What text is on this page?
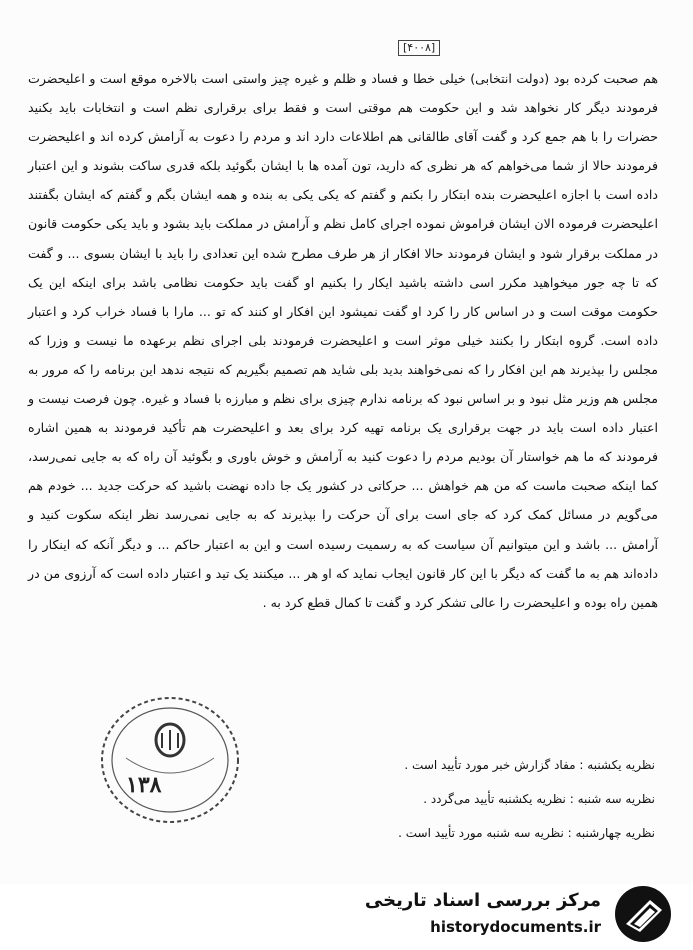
[۴۰۰۸]

هم صحبت کرده بود (دولت انتخابی) خیلی خطا و فساد و ظلم و غیره چیز واستی است بالاخره موقع است و اعلیحضرت فرمودند دیگر کار نخواهد شد و این حکومت هم موقتی است و فقط برای برقراری نظم است و انتخابات باید بکنید حضرات را با هم جمع کرد و گفت آقای طالقانی هم اطلاعات دارد اند و مردم را دعوت به آرامش کرده اند و اعلیحضرت فرمودند حالا از شما می‌خواهم که هر نظری که دارید، تون آمده ها با ایشان بگوئید بلکه قدری ساکت بشوند و این اعتبار داده است با اجازه اعلیحضرت بنده ابتکار را بکنم و گفتم که یکی یکی به بنده و همه ایشان بگم و گفتم که ایشان بگفتند اعلیحضرت فرموده الان ایشان فراموش نموده اجرای کامل نظم و آرامش در مملکت باید بشود و باید یکی حکومت قانون در مملکت برقرار شود و ایشان فرمودند حالا افکار از هر طرف مطرح شده این تعدادی را باید با ایشان بسوی ... و گفت که تا چه جور میخواهید مکرر اسی داشته باشید ایکار را بکنیم او گفت باید حکومت نظامی باشد برای اینکه این یک حکومت موقت است و در اساس کار را کرد او گفت نمیشود این افکار او کنند که تو ... مارا با فساد خراب کرد و اعتبار داده است. گروه ابتکار را بکنند خیلی موثر است و اعلیحضرت فرمودند بلی اجرای نظم برعهده ما نیست و وزرا که مجلس را بپذیرند هم این افکار را که نمی‌خواهند بدید بلی شاید هم تصمیم بگیریم که نتیجه ندهد این برنامه را که مرور به مجلس هم وزیر مثل نبود و بر اساس نبود که برنامه ندارم چیزی برای نظم و مبارزه با فساد و غیره. چون فرصت نیست و اعتبار داده است باید در جهت برقراری یک برنامه تهیه کرد برای بعد و اعلیحضرت هم تأکید فرمودند به همین اشاره فرمودند که ما هم خواستار آن بودیم مردم را دعوت کنید به آرامش و خوش باوری و بگوئید آن راه که به جایی نمی‌رسد، کما اینکه صحبت ماست که من هم خواهش ... حرکاتی در کشور یک جا داده نهضت باشید که حرکت جدید ... خودم هم می‌گویم در مسائل کمک کرد که جای است برای آن حرکت را بپذیرند که به جایی نمی‌رسد نظر اینکه سکوت کنید و آرامش ... باشد و این میتوانیم آن سیاست که به رسمیت رسیده است و این به اعتبار حاکم ... و دیگر آنکه که اینکار را داده‌اند هم به ما گفت که دیگر با این کار قانون ایجاب نماید که او هر ... میکنند یک تید و اعتبار داده است که آرزوی من در همین راه بوده و اعلیحضرت را عالی تشکر کرد و گفت تا کمال قطع کرد به .

۱۳۸
نظریه یکشنبه : مفاد گزارش خبر مورد تأیید است .
نظریه سه شنبه : نظریه یکشنبه تأیید می‌گردد .
نظریه چهارشنبه : نظریه سه شنبه مورد تأیید است .
مرکز بررسی اسناد تاریخی
historydocuments.ir
